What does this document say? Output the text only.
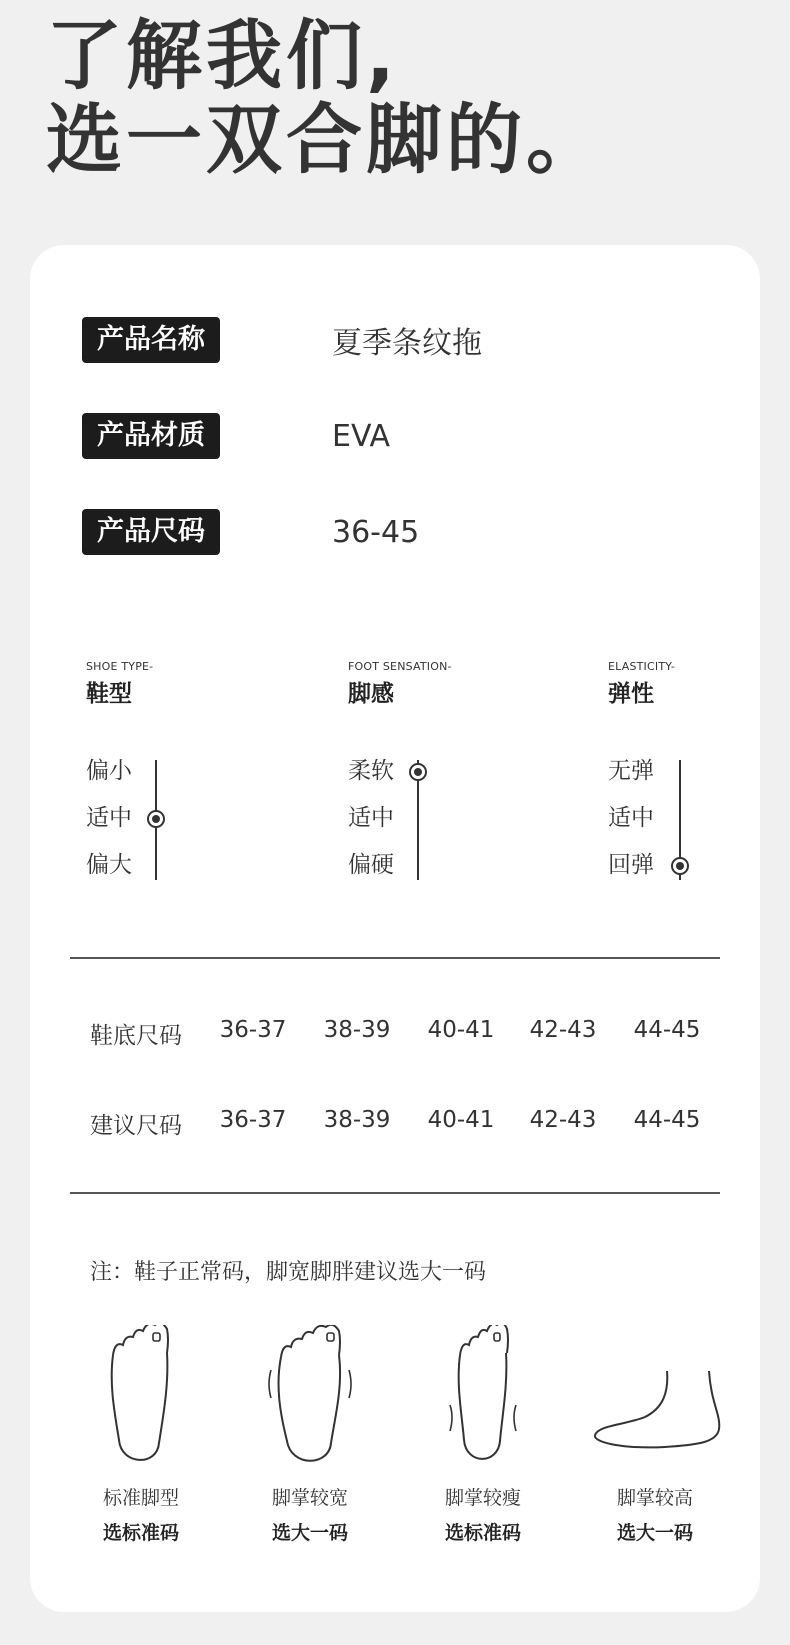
了解我们,
选一双合脚的。
产品名称	夏季条纹拖
产品材质	EVA
产品尺码	36-45
SHOE TYPE-
鞋型
偏小
适中
偏大
FOOT SENSATION-
脚感
柔软
适中
偏硬
ELASTICITY-
弹性
无弹
适中
回弹
鞋底尺码	36-37	38-39	40-41	42-43	44-45
建议尺码	36-37	38-39	40-41	42-43	44-45
注：鞋子正常码，脚宽脚胖建议选大一码
标准脚型
选标准码
脚掌较宽
选大一码
脚掌较瘦
选标准码
脚掌较高
选大一码
